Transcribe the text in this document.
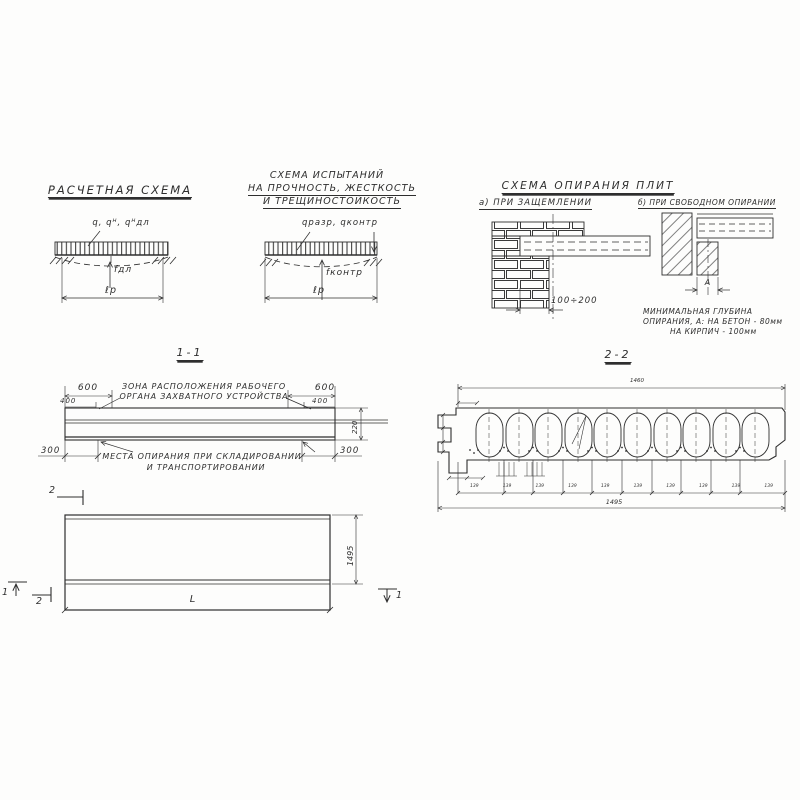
РАСЧЕТНАЯ СХЕМА
q, qᴴ, qᴴдл
fдл
ℓр
СХЕМА ИСПЫТАНИЙ
НА ПРОЧНОСТЬ, ЖЕСТКОСТЬ
И ТРЕЩИНОСТОЙКОСТЬ
qразр, qконтр
fконтр
ℓр
СХЕМА ОПИРАНИЯ ПЛИТ
а) ПРИ ЗАЩЕМЛЕНИИ	б) ПРИ СВОБОДНОМ ОПИРАНИИ
100÷200
А
МИНИМАЛЬНАЯ ГЛУБИНА
ОПИРАНИЯ, А: НА БЕТОН - 80мм
НА КИРПИЧ - 100мм
1-1
ЗОНА РАСПОЛОЖЕНИЯ РАБОЧЕГО
ОРГАНА ЗАХВАТНОГО УСТРОЙСТВА
600	600
400	400
300	300
220
МЕСТА ОПИРАНИЯ ПРИ СКЛАДИРОВАНИИ
И ТРАНСПОРТИРОВАНИИ
2-2
1460
139	139	139	139	139	139	139	139	139	139
1495
1495
L
2
2
1	1
